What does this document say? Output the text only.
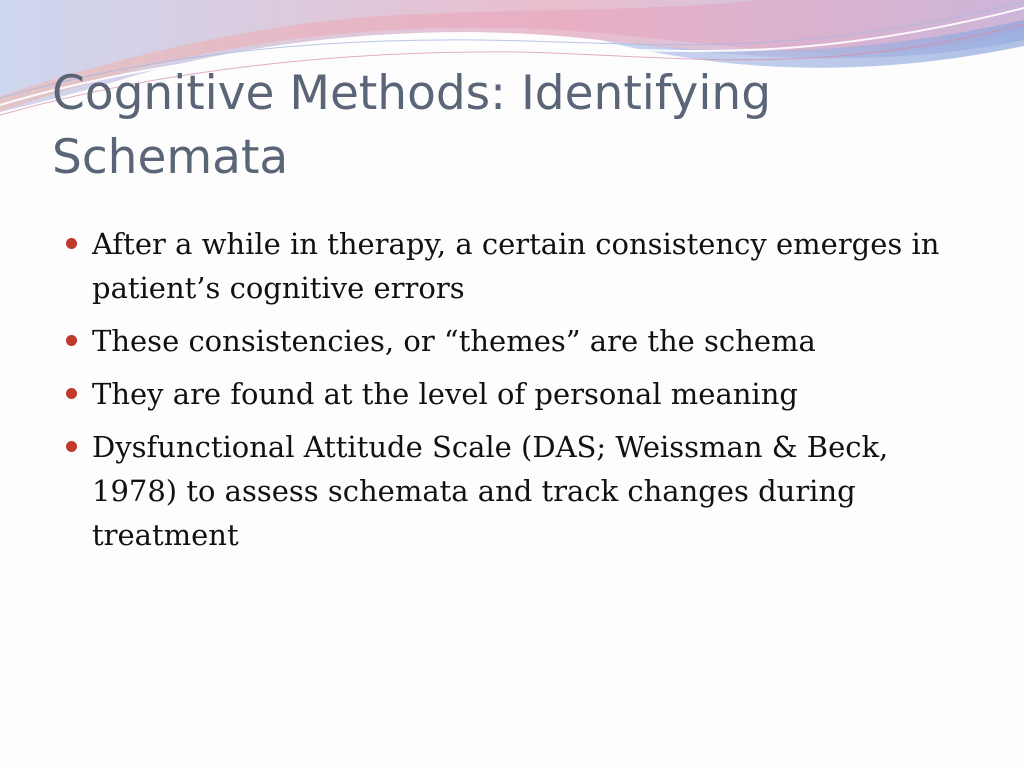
Cognitive Methods: Identifying
Schemata
After a while in therapy, a certain consistency emerges in patient’s cognitive errors
These consistencies, or “themes” are the schema
They are found at the level of personal meaning
Dysfunctional Attitude Scale (DAS; Weissman & Beck, 1978) to assess schemata and track changes during treatment
